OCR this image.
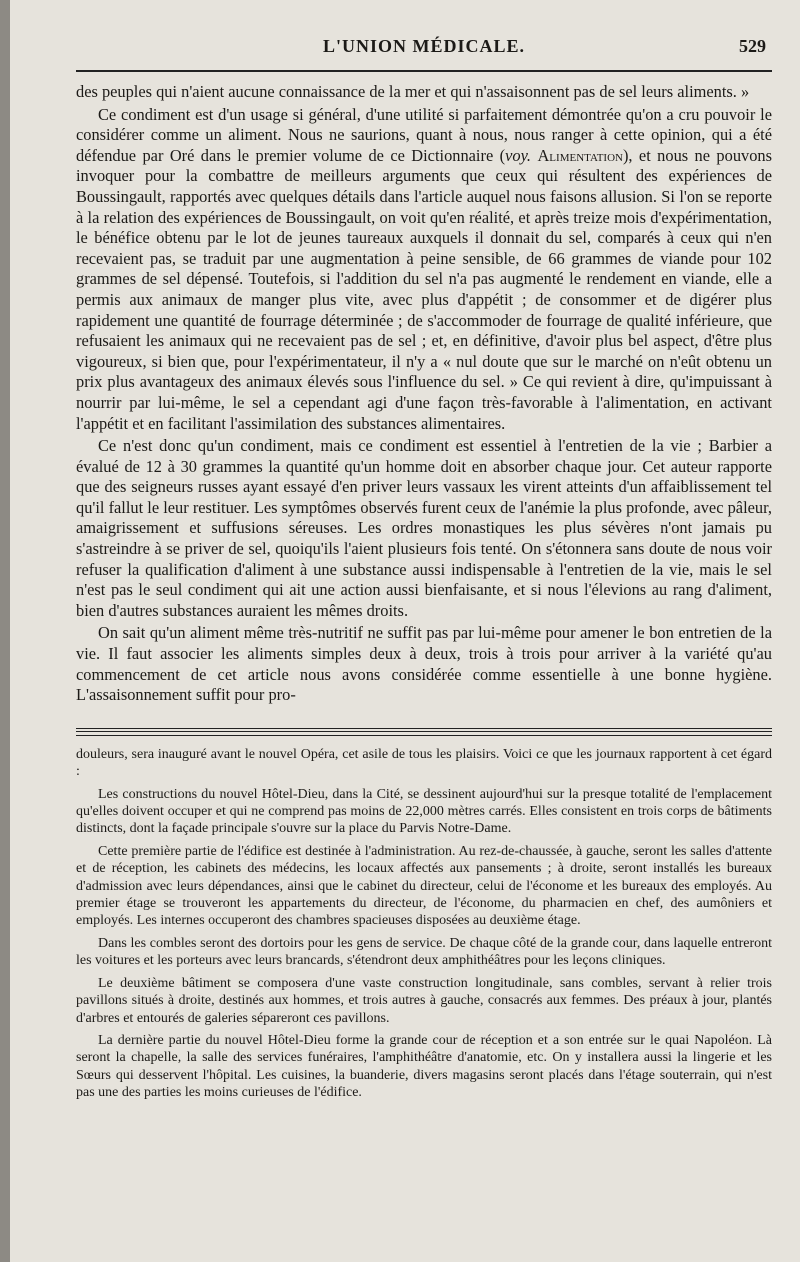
L'UNION MÉDICALE.	529

des peuples qui n'aient aucune connaissance de la mer et qui n'assaisonnent pas de sel leurs aliments. »

Ce condiment est d'un usage si général, d'une utilité si parfaitement démontrée qu'on a cru pouvoir le considérer comme un aliment. Nous ne saurions, quant à nous, nous ranger à cette opinion, qui a été défendue par Oré dans le premier volume de ce Dictionnaire (voy. Alimentation), et nous ne pouvons invoquer pour la combattre de meilleurs arguments que ceux qui résultent des expériences de Boussingault, rapportés avec quelques détails dans l'article auquel nous faisons allusion. Si l'on se reporte à la relation des expériences de Boussingault, on voit qu'en réalité, et après treize mois d'expérimentation, le bénéfice obtenu par le lot de jeunes taureaux auxquels il donnait du sel, comparés à ceux qui n'en recevaient pas, se traduit par une augmentation à peine sensible, de 66 grammes de viande pour 102 grammes de sel dépensé. Toutefois, si l'addition du sel n'a pas augmenté le rendement en viande, elle a permis aux animaux de manger plus vite, avec plus d'appétit ; de consommer et de digérer plus rapidement une quantité de fourrage déterminée ; de s'accommoder de fourrage de qualité inférieure, que refusaient les animaux qui ne recevaient pas de sel ; et, en définitive, d'avoir plus bel aspect, d'être plus vigoureux, si bien que, pour l'expérimentateur, il n'y a « nul doute que sur le marché on n'eût obtenu un prix plus avantageux des animaux élevés sous l'influence du sel. » Ce qui revient à dire, qu'impuissant à nourrir par lui-même, le sel a cependant agi d'une façon très-favorable à l'alimentation, en activant l'appétit et en facilitant l'assimilation des substances alimentaires.

Ce n'est donc qu'un condiment, mais ce condiment est essentiel à l'entretien de la vie ; Barbier a évalué de 12 à 30 grammes la quantité qu'un homme doit en absorber chaque jour. Cet auteur rapporte que des seigneurs russes ayant essayé d'en priver leurs vassaux les virent atteints d'un affaiblissement tel qu'il fallut le leur restituer. Les symptômes observés furent ceux de l'anémie la plus profonde, avec pâleur, amaigrissement et suffusions séreuses. Les ordres monastiques les plus sévères n'ont jamais pu s'astreindre à se priver de sel, quoiqu'ils l'aient plusieurs fois tenté. On s'étonnera sans doute de nous voir refuser la qualification d'aliment à une substance aussi indispensable à l'entretien de la vie, mais le sel n'est pas le seul condiment qui ait une action aussi bienfaisante, et si nous l'élevions au rang d'aliment, bien d'autres substances auraient les mêmes droits.

On sait qu'un aliment même très-nutritif ne suffit pas par lui-même pour amener le bon entretien de la vie. Il faut associer les aliments simples deux à deux, trois à trois pour arriver à la variété qu'au commencement de cet article nous avons considérée comme essentielle à une bonne hygiène. L'assaisonnement suffit pour pro-

douleurs, sera inauguré avant le nouvel Opéra, cet asile de tous les plaisirs. Voici ce que les journaux rapportent à cet égard :

Les constructions du nouvel Hôtel-Dieu, dans la Cité, se dessinent aujourd'hui sur la presque totalité de l'emplacement qu'elles doivent occuper et qui ne comprend pas moins de 22,000 mètres carrés. Elles consistent en trois corps de bâtiments distincts, dont la façade principale s'ouvre sur la place du Parvis Notre-Dame.

Cette première partie de l'édifice est destinée à l'administration. Au rez-de-chaussée, à gauche, seront les salles d'attente et de réception, les cabinets des médecins, les locaux affectés aux pansements ; à droite, seront installés les bureaux d'admission avec leurs dépendances, ainsi que le cabinet du directeur, celui de l'économe et les bureaux des employés. Au premier étage se trouveront les appartements du directeur, de l'économe, du pharmacien en chef, des aumôniers et employés. Les internes occuperont des chambres spacieuses disposées au deuxième étage.

Dans les combles seront des dortoirs pour les gens de service. De chaque côté de la grande cour, dans laquelle entreront les voitures et les porteurs avec leurs brancards, s'étendront deux amphithéâtres pour les leçons cliniques.

Le deuxième bâtiment se composera d'une vaste construction longitudinale, sans combles, servant à relier trois pavillons situés à droite, destinés aux hommes, et trois autres à gauche, consacrés aux femmes. Des préaux à jour, plantés d'arbres et entourés de galeries sépareront ces pavillons.

La dernière partie du nouvel Hôtel-Dieu forme la grande cour de réception et a son entrée sur le quai Napoléon. Là seront la chapelle, la salle des services funéraires, l'amphithéâtre d'anatomie, etc. On y installera aussi la lingerie et les Sœurs qui desservent l'hôpital. Les cuisines, la buanderie, divers magasins seront placés dans l'étage souterrain, qui n'est pas une des parties les moins curieuses de l'édifice.
